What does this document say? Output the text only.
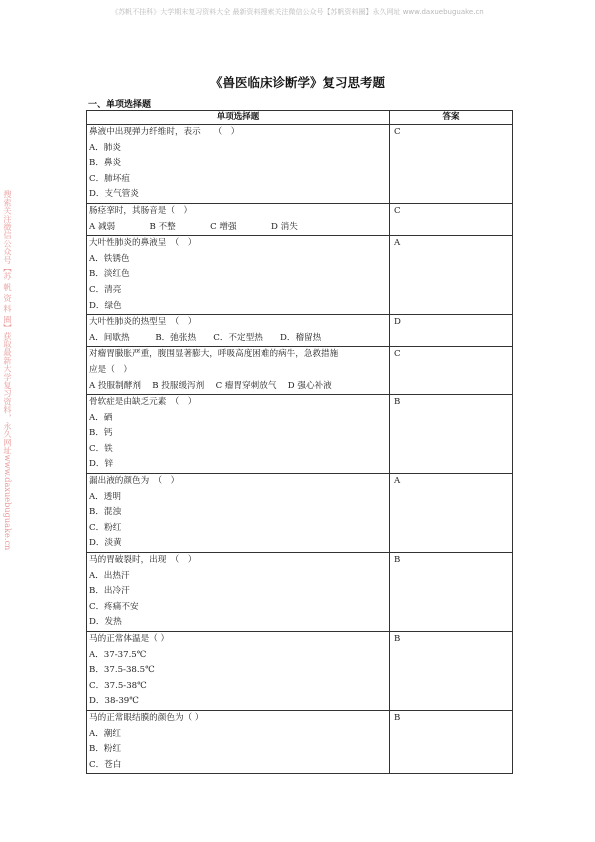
《苏帆不挂科》大学期末复习资料大全 最新资料搜索关注微信公众号【苏帆资料圈】永久网址 www.daxuebuguake.cn
搜索关注微信公众号【苏 帆 资 料 圈】获取最新大学复习资料，永久网址www.daxuebuguake.cn
《兽医临床诊断学》复习思考题
一、单项选择题
单项选择题	答案

鼻液中出现弹力纤维时，表示　　（　）
A．肺炎
B．鼻炎
C．肺坏疽
D．支气管炎	C

肠痉挛时，其肠音是（　）
A 减弱　　　　B 不整　　　　C 增强　　　　D 消失	C

大叶性肺炎的鼻液呈　（　）
A．铁锈色
B．淡红色
C．清亮
D．绿色	A

大叶性肺炎的热型呈　（　）
A．间歇热　　　B．弛张热　　C．不定型热　　D．稽留热	D

对瘤胃臌胀严重，腹围显著膨大，呼吸高度困难的病牛，急救措施
应是（　）
A 投服制酵剂　 B 投服缓泻剂　 C 瘤胃穿刺放气　 D 强心补液	C

骨软症是由缺乏元素　（　）
A．硒
B．钙
C．铁
D．锌	B

漏出液的颜色为　（　）
A．透明
B．混浊
C．粉红
D．淡黄	A

马的胃破裂时，出现　（　）
A．出热汗
B．出冷汗
C．疼痛不安
D．发热	B

马的正常体温是（ ）
A．37-37.5℃
B．37.5-38.5℃
C．37.5-38℃
D．38-39℃	B

马的正常眼结膜的颜色为（ ）
A．潮红
B．粉红
C．苍白	B
